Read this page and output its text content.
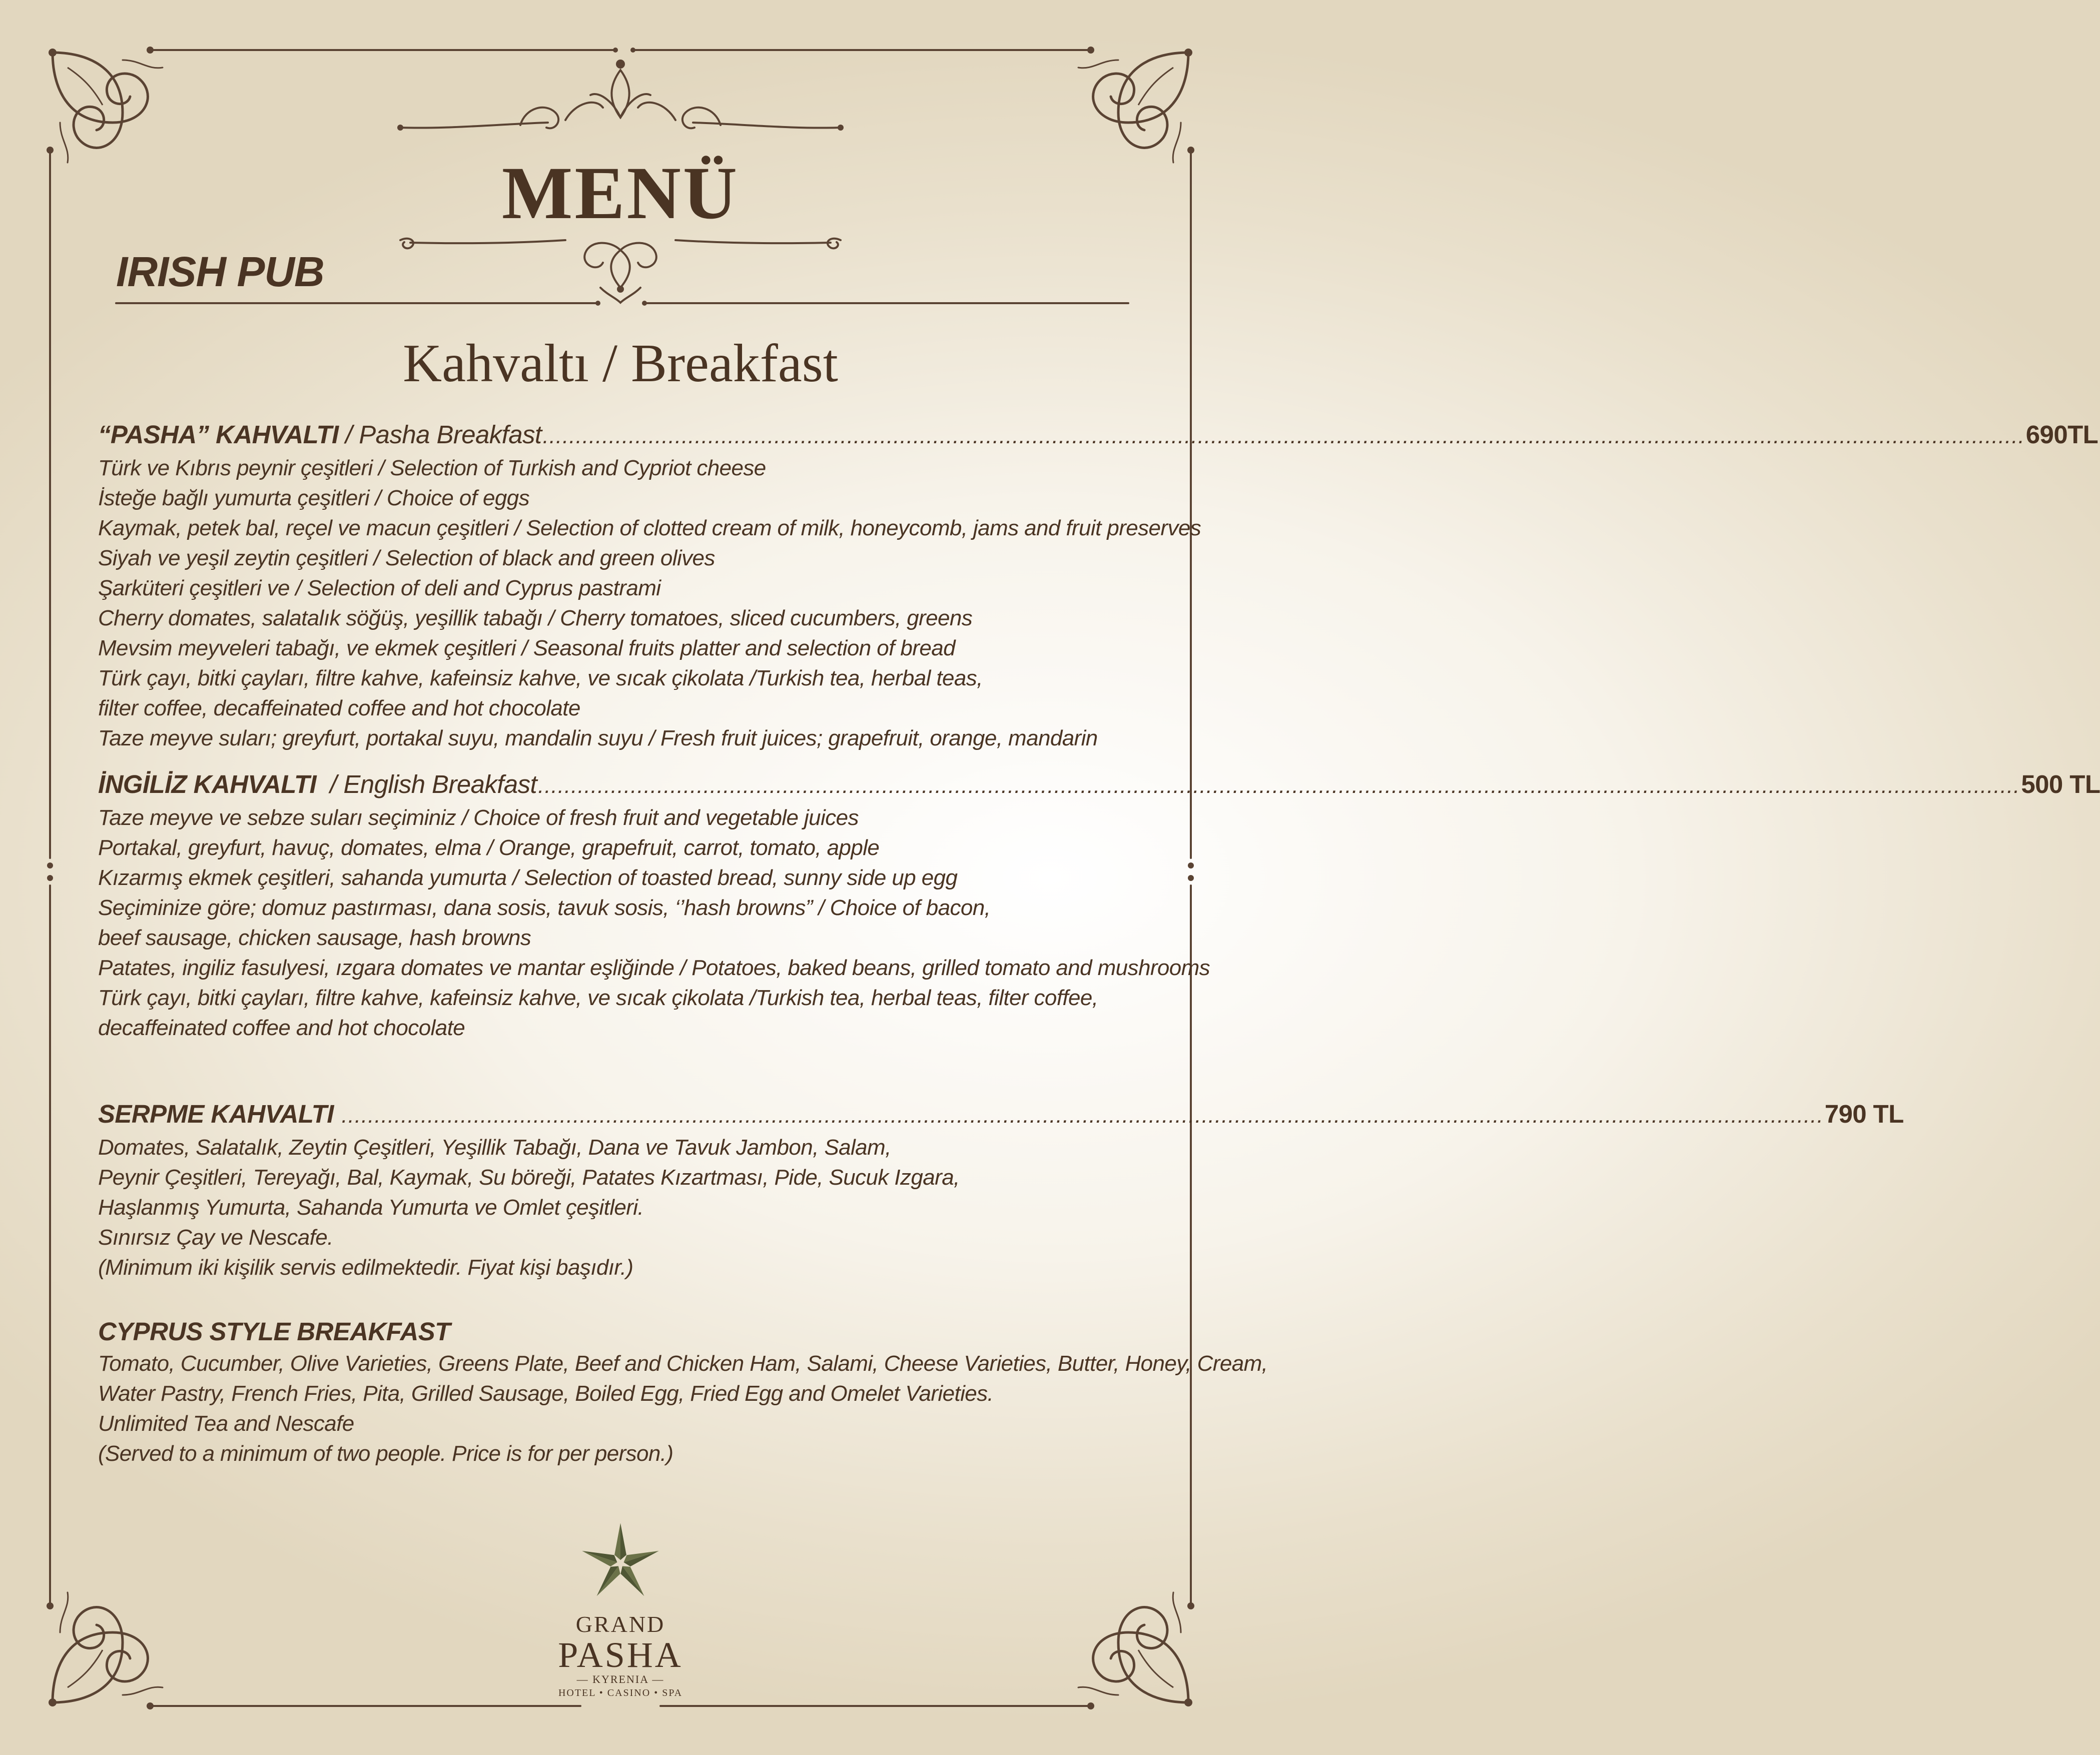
MENÜ
IRISH PUB
Kahvaltı / Breakfast
“PASHA” KAHVALTI / Pasha Breakfast ................................................................................................................................................................................................................................ 690TL
Türk ve Kıbrıs peynir çeşitleri / Selection of Turkish and Cypriot cheese
İsteğe bağlı yumurta çeşitleri / Choice of eggs
Kaymak, petek bal, reçel ve macun çeşitleri / Selection of clotted cream of milk, honeycomb, jams and fruit preserves
Siyah ve yeşil zeytin çeşitleri / Selection of black and green olives
Şarküteri çeşitleri ve / Selection of deli and Cyprus pastrami
Cherry domates, salatalık söğüş, yeşillik tabağı / Cherry tomatoes, sliced cucumbers, greens
Mevsim meyveleri tabağı, ve ekmek çeşitleri / Seasonal fruits platter and selection of bread
Türk çayı, bitki çayları, filtre kahve, kafeinsiz kahve, ve sıcak çikolata /Turkish tea, herbal teas,
filter coffee, decaffeinated coffee and hot chocolate
Taze meyve suları; greyfurt, portakal suyu, mandalin suyu / Fresh fruit juices; grapefruit, orange, mandarin
İNGİLİZ KAHVALTI / English Breakfast ................................................................................................................................................................................................................................ 500 TL
Taze meyve ve sebze suları seçiminiz / Choice of fresh fruit and vegetable juices
Portakal, greyfurt, havuç, domates, elma / Orange, grapefruit, carrot, tomato, apple
Kızarmış ekmek çeşitleri, sahanda yumurta / Selection of toasted bread, sunny side up egg
Seçiminize göre; domuz pastırması, dana sosis, tavuk sosis, ‘’hash browns” / Choice of bacon,
beef sausage, chicken sausage, hash browns
Patates, ingiliz fasulyesi, ızgara domates ve mantar eşliğinde / Potatoes, baked beans, grilled tomato and mushrooms
Türk çayı, bitki çayları, filtre kahve, kafeinsiz kahve, ve sıcak çikolata /Turkish tea, herbal teas, filter coffee,
decaffeinated coffee and hot chocolate
SERPME KAHVALTI ................................................................................................................................................................................................................................ 790 TL
Domates, Salatalık, Zeytin Çeşitleri, Yeşillik Tabağı, Dana ve Tavuk Jambon, Salam,
Peynir Çeşitleri, Tereyağı, Bal, Kaymak, Su böreği, Patates Kızartması, Pide, Sucuk Izgara,
Haşlanmış Yumurta, Sahanda Yumurta ve Omlet çeşitleri.
Sınırsız Çay ve Nescafe.
(Minimum iki kişilik servis edilmektedir. Fiyat kişi başıdır.)
CYPRUS STYLE BREAKFAST
Tomato, Cucumber, Olive Varieties, Greens Plate, Beef and Chicken Ham, Salami, Cheese Varieties, Butter, Honey, Cream,
Water Pastry, French Fries, Pita, Grilled Sausage, Boiled Egg, Fried Egg and Omelet Varieties.
Unlimited Tea and Nescafe
(Served to a minimum of two people. Price is for per person.)
GRAND
PASHA
— KYRENIA —
HOTEL • CASINO • SPA
